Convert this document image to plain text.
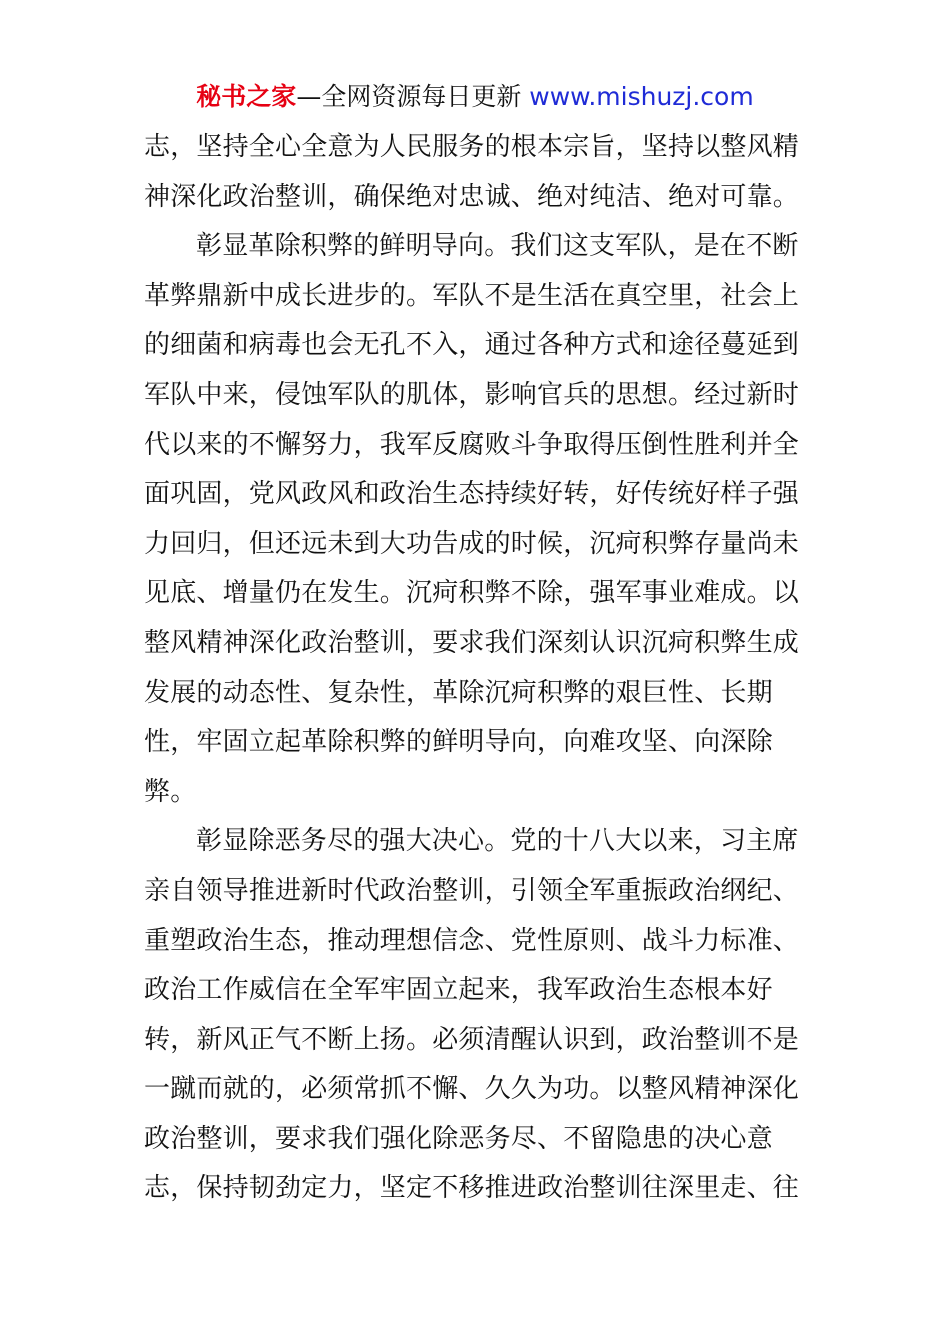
秘书之家—全网资源每日更新 www.mishuzj.com
志，坚持全心全意为人民服务的根本宗旨，坚持以整风精
神深化政治整训，确保绝对忠诚、绝对纯洁、绝对可靠。
彰显革除积弊的鲜明导向。我们这支军队，是在不断
革弊鼎新中成长进步的。军队不是生活在真空里，社会上
的细菌和病毒也会无孔不入，通过各种方式和途径蔓延到
军队中来，侵蚀军队的肌体，影响官兵的思想。经过新时
代以来的不懈努力，我军反腐败斗争取得压倒性胜利并全
面巩固，党风政风和政治生态持续好转，好传统好样子强
力回归，但还远未到大功告成的时候，沉疴积弊存量尚未
见底、增量仍在发生。沉疴积弊不除，强军事业难成。以
整风精神深化政治整训，要求我们深刻认识沉疴积弊生成
发展的动态性、复杂性，革除沉疴积弊的艰巨性、长期
性，牢固立起革除积弊的鲜明导向，向难攻坚、向深除
弊。
彰显除恶务尽的强大决心。党的十八大以来，习主席
亲自领导推进新时代政治整训，引领全军重振政治纲纪、
重塑政治生态，推动理想信念、党性原则、战斗力标准、
政治工作威信在全军牢固立起来，我军政治生态根本好
转，新风正气不断上扬。必须清醒认识到，政治整训不是
一蹴而就的，必须常抓不懈、久久为功。以整风精神深化
政治整训，要求我们强化除恶务尽、不留隐患的决心意
志，保持韧劲定力，坚定不移推进政治整训往深里走、往
